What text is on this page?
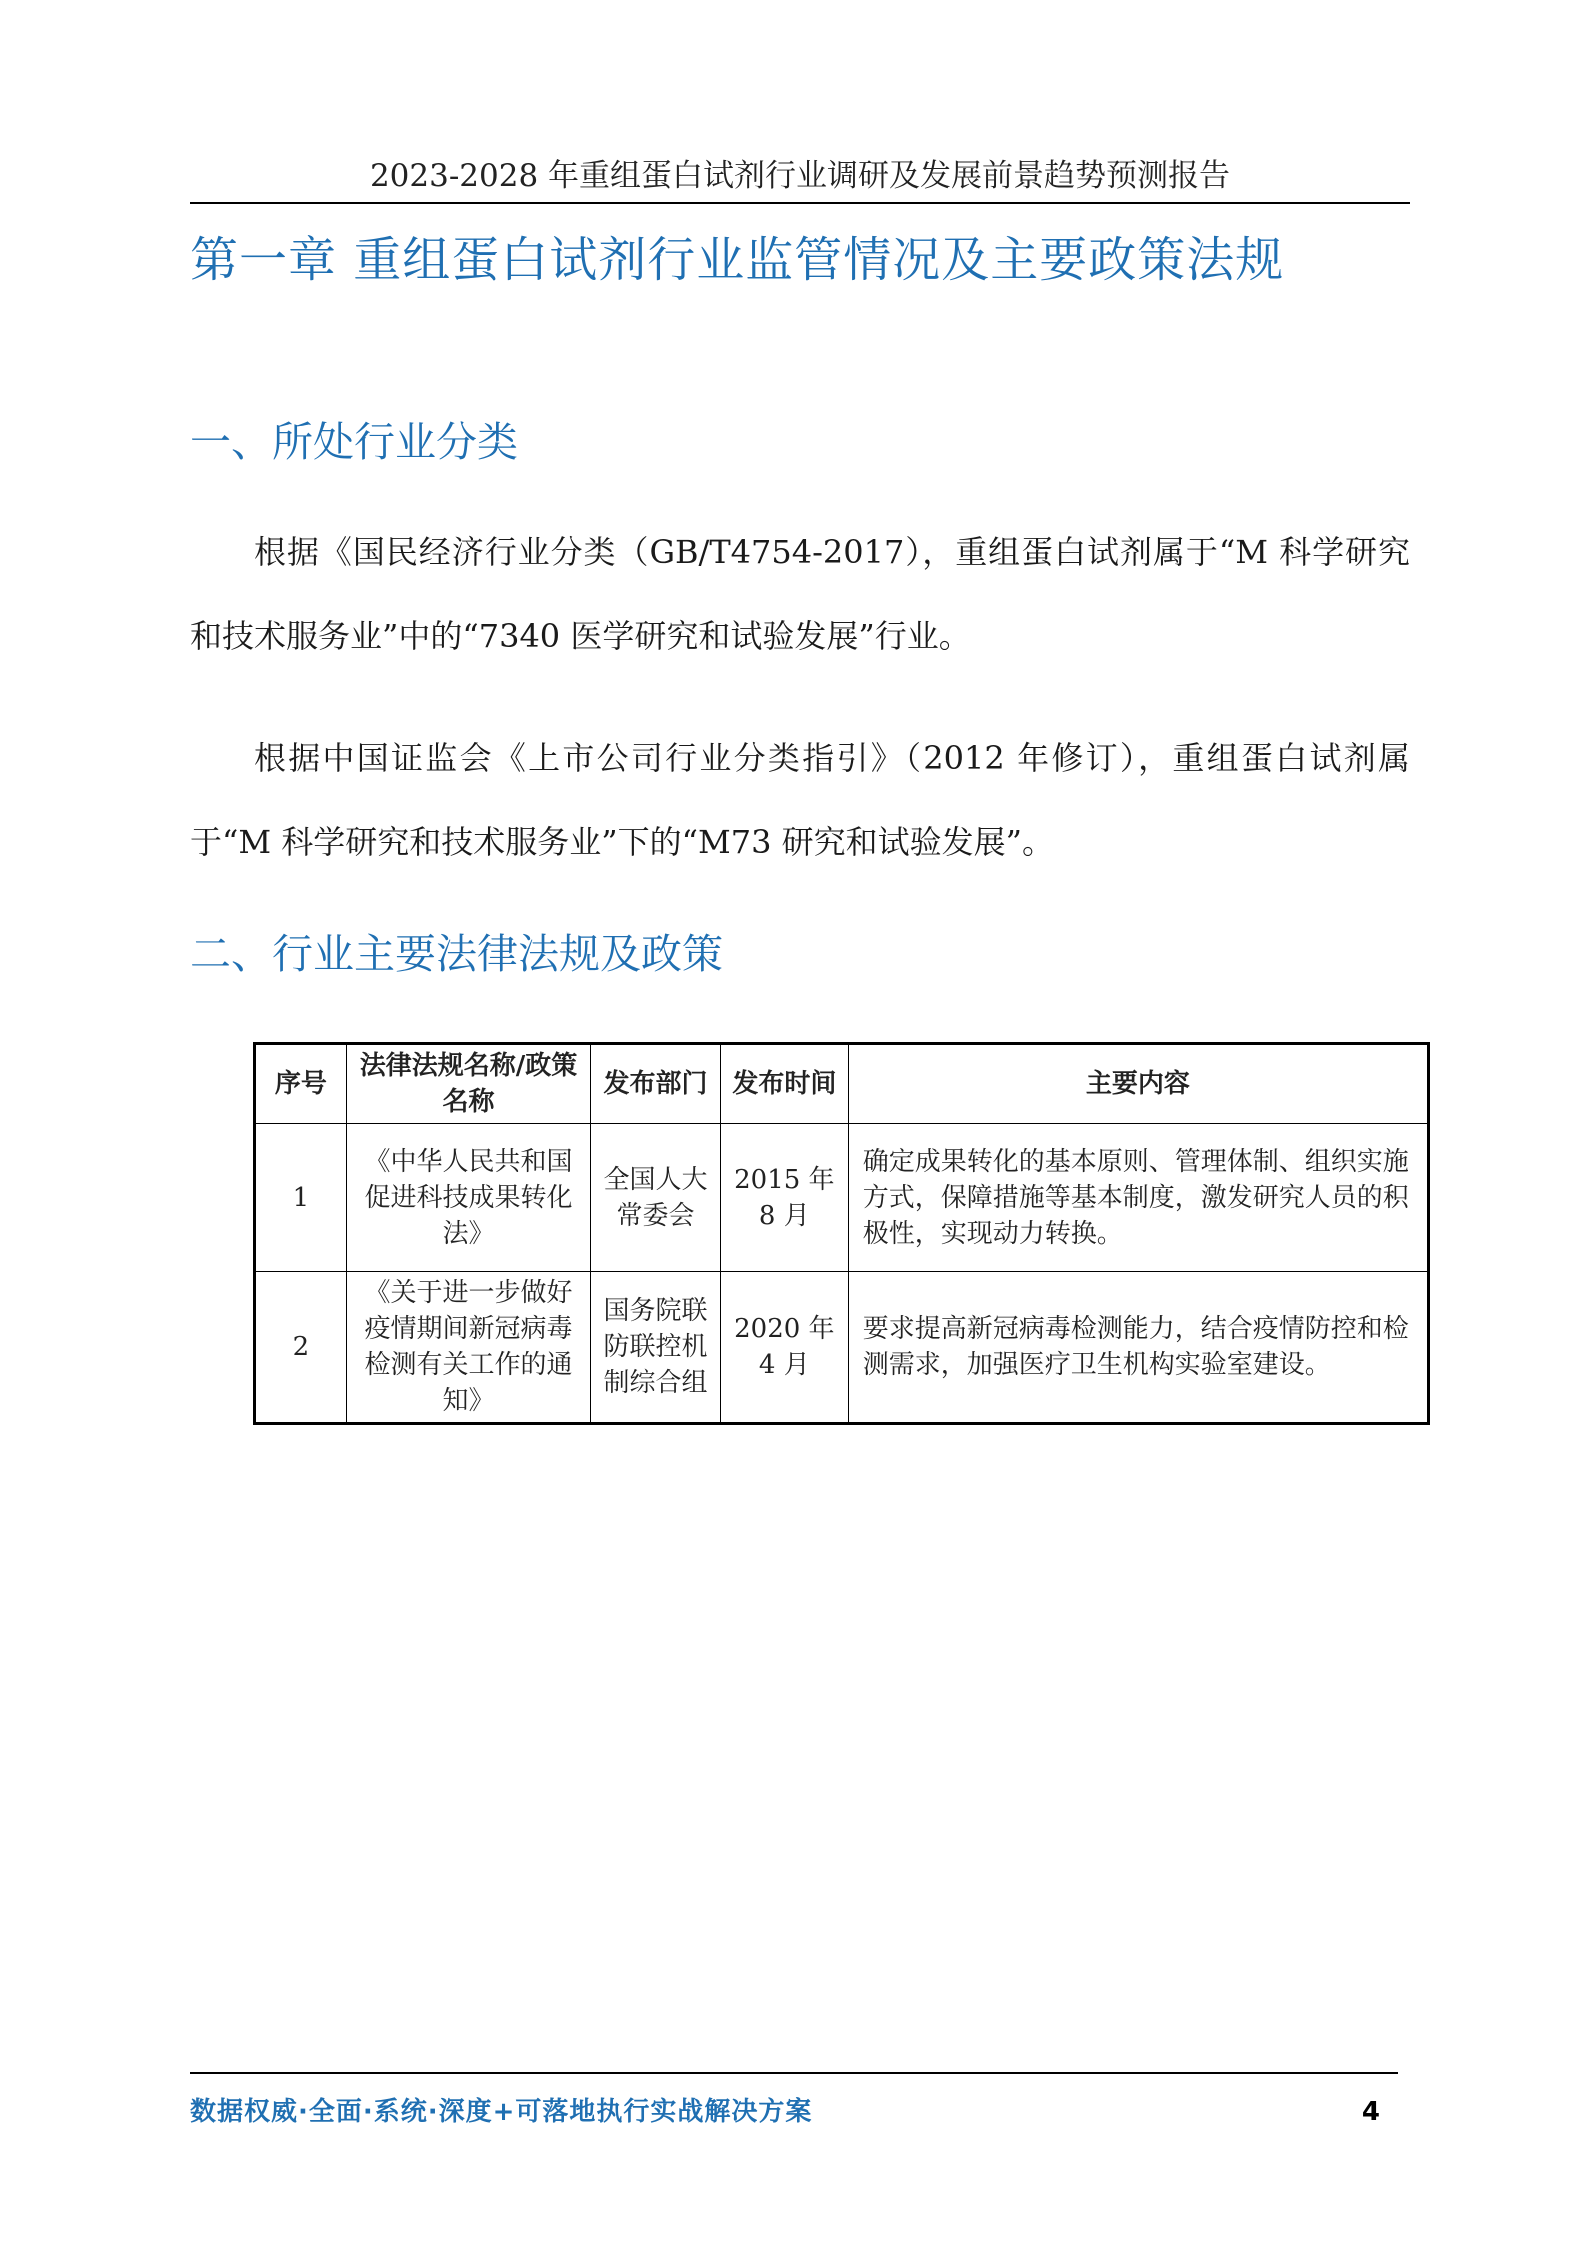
2023-2028 年重组蛋白试剂行业调研及发展前景趋势预测报告
第一章 重组蛋白试剂行业监管情况及主要政策法规
一、所处行业分类

根据《国民经济行业分类（GB/T4754-2017），重组蛋白试剂属于“M 科学研究和技术服务业”中的“7340 医学研究和试验发展”行业。

根据中国证监会《上市公司行业分类指引》（2012 年修订），重组蛋白试剂属于“M 科学研究和技术服务业”下的“M73 研究和试验发展”。

二、行业主要法律法规及政策
序号	法律法规名称/政策名称	发布部门	发布时间	主要内容
1	《中华人民共和国促进科技成果转化法》	全国人大常委会	2015 年8 月	确定成果转化的基本原则、管理体制、组织实施方式，保障措施等基本制度，激发研究人员的积极性，实现动力转换。
2	《关于进一步做好疫情期间新冠病毒检测有关工作的通知》	国务院联防联控机制综合组	2020 年4 月	要求提高新冠病毒检测能力，结合疫情防控和检测需求，加强医疗卫生机构实验室建设。
数据权威·全面·系统·深度+可落地执行实战解决方案	4
